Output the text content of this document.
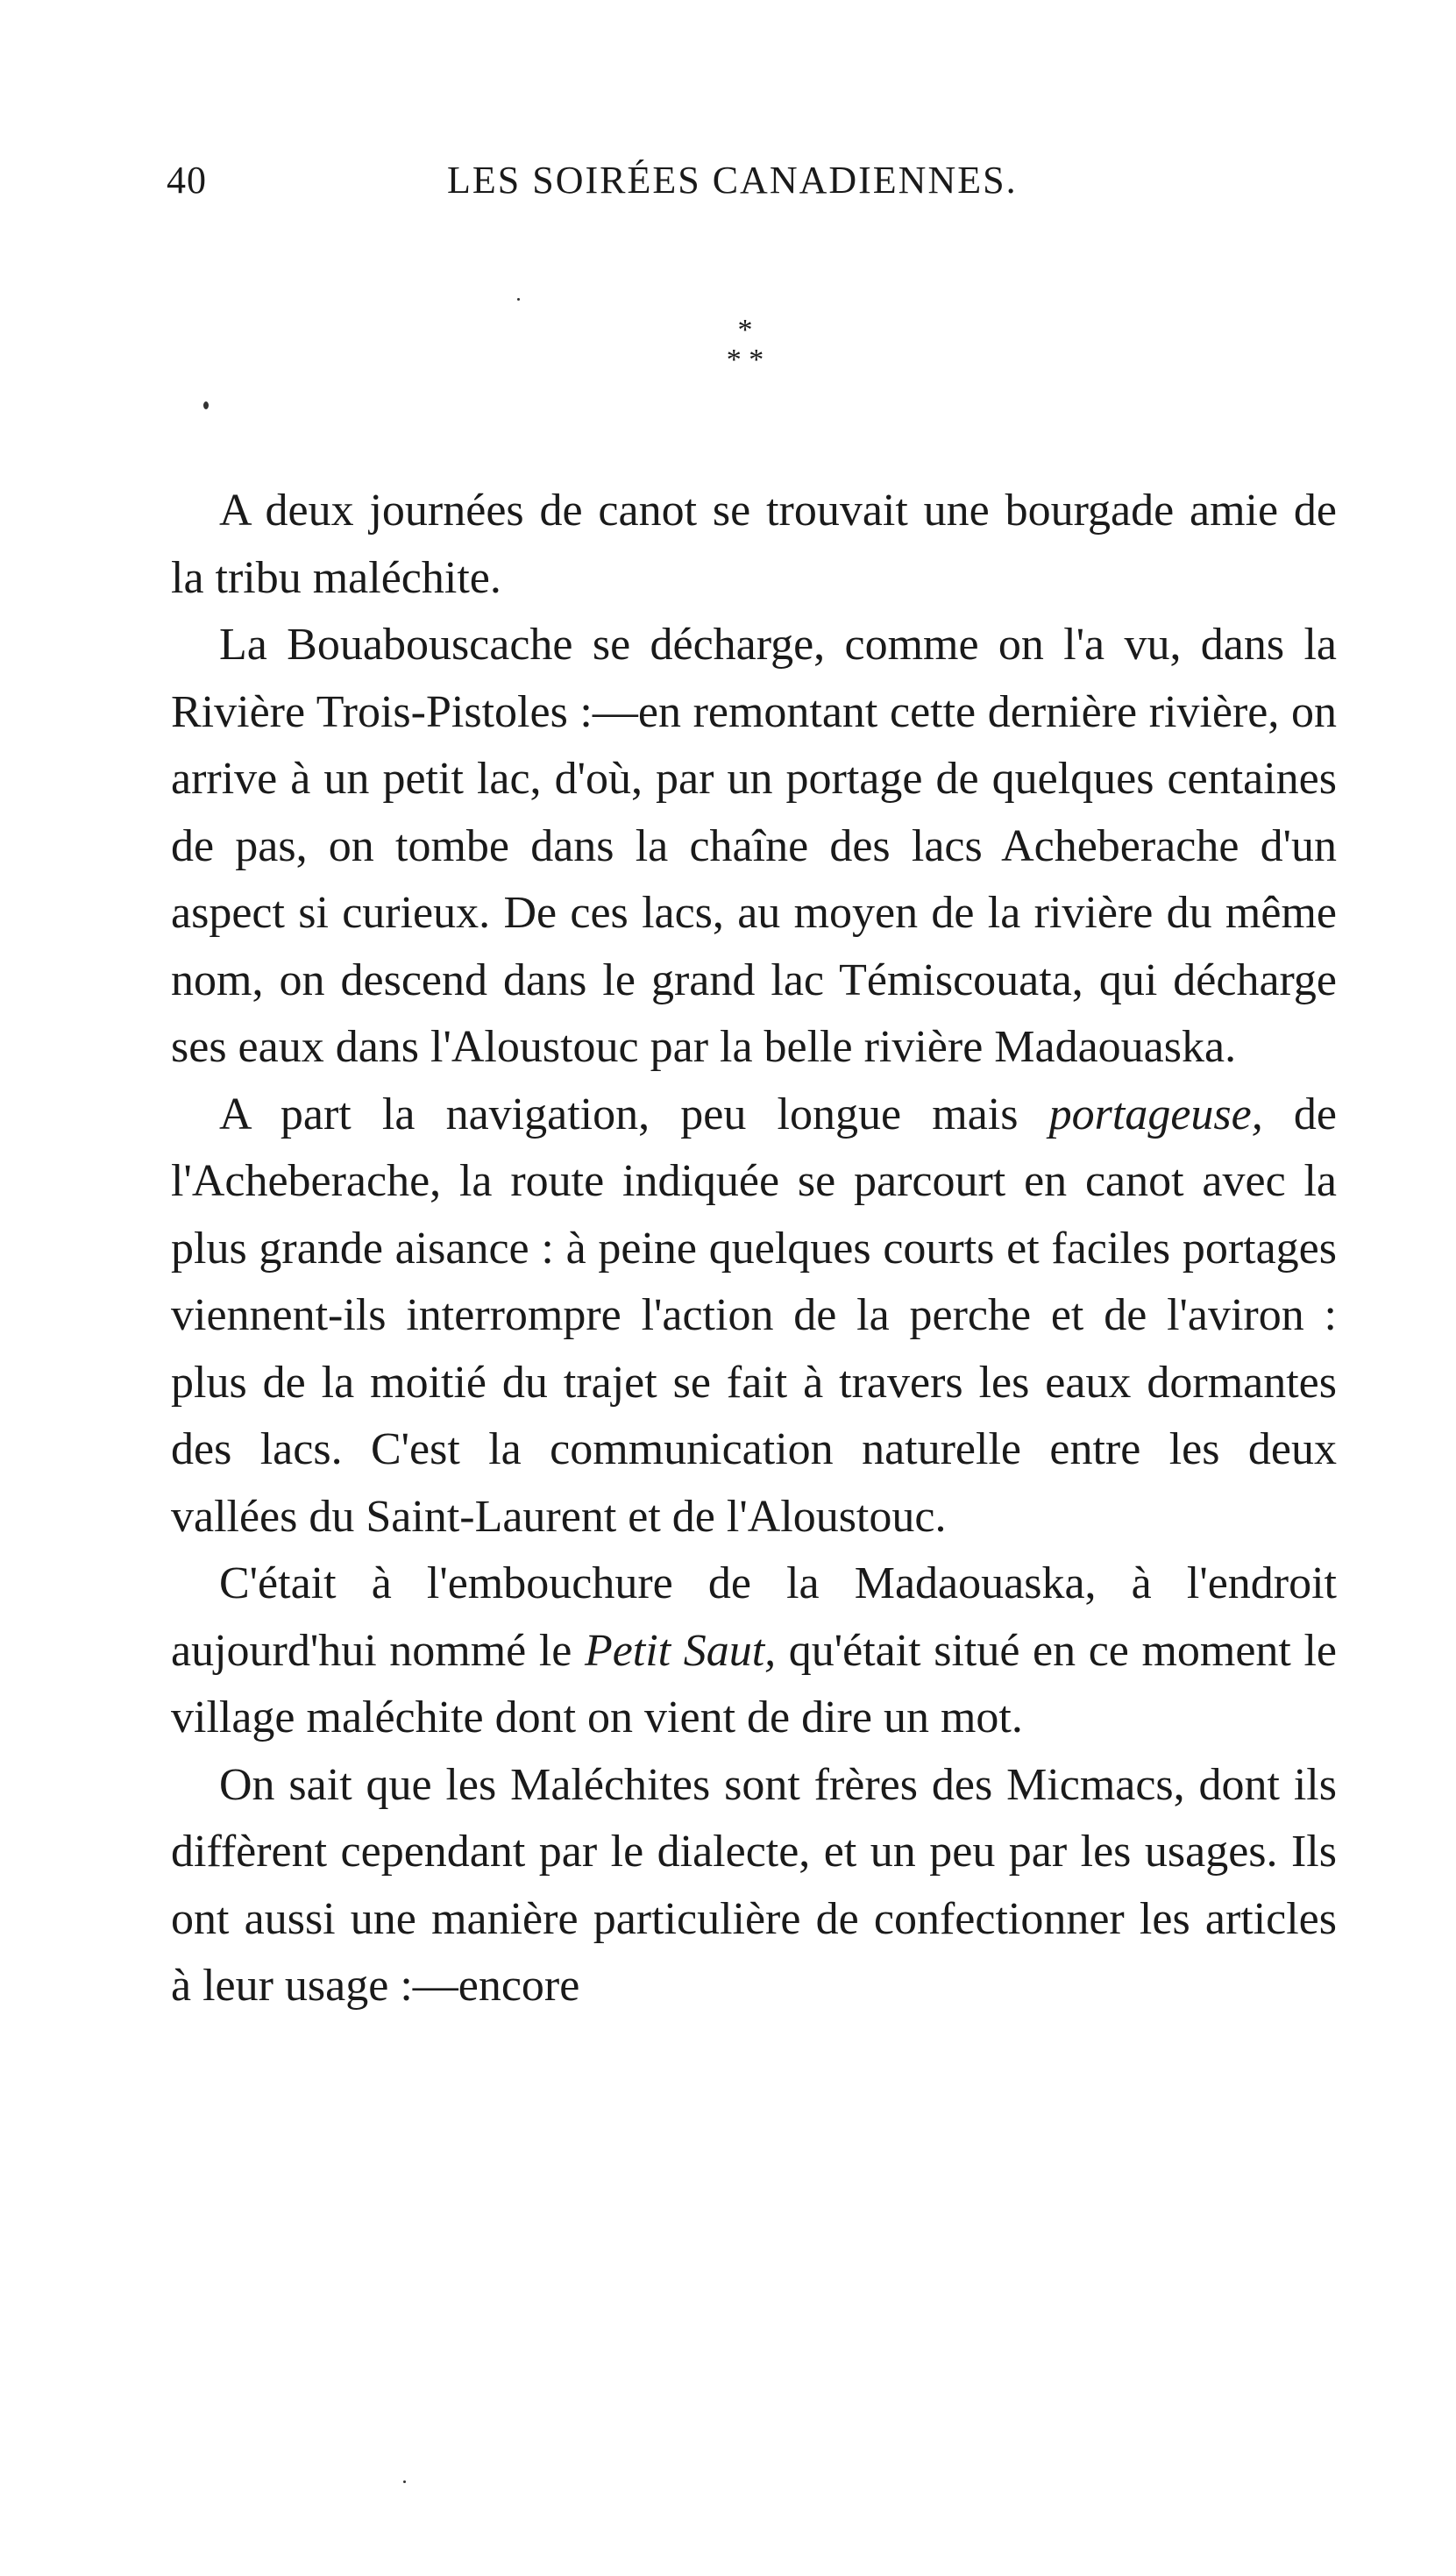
40	LES SOIRÉES CANADIENNES.
*
* *

A deux journées de canot se trouvait une bourgade amie de la tribu maléchite.

La Bouabouscache se décharge, comme on l'a vu, dans la Rivière Trois-Pistoles :—en remontant cette dernière rivière, on arrive à un petit lac, d'où, par un portage de quelques centaines de pas, on tombe dans la chaîne des lacs Acheberache d'un aspect si curieux. De ces lacs, au moyen de la rivière du même nom, on descend dans le grand lac Témiscouata, qui décharge ses eaux dans l'Aloustouc par la belle rivière Madaouaska.

A part la navigation, peu longue mais portageuse, de l'Acheberache, la route indiquée se parcourt en canot avec la plus grande aisance : à peine quelques courts et faciles portages viennent-ils interrompre l'action de la perche et de l'aviron : plus de la moitié du trajet se fait à travers les eaux dormantes des lacs. C'est la communication naturelle entre les deux vallées du Saint-Laurent et de l'Aloustouc.

C'était à l'embouchure de la Madaouaska, à l'endroit aujourd'hui nommé le Petit Saut, qu'était situé en ce moment le village maléchite dont on vient de dire un mot.

On sait que les Maléchites sont frères des Micmacs, dont ils diffèrent cependant par le dialecte, et un peu par les usages. Ils ont aussi une manière particulière de confectionner les articles à leur usage :—encore
